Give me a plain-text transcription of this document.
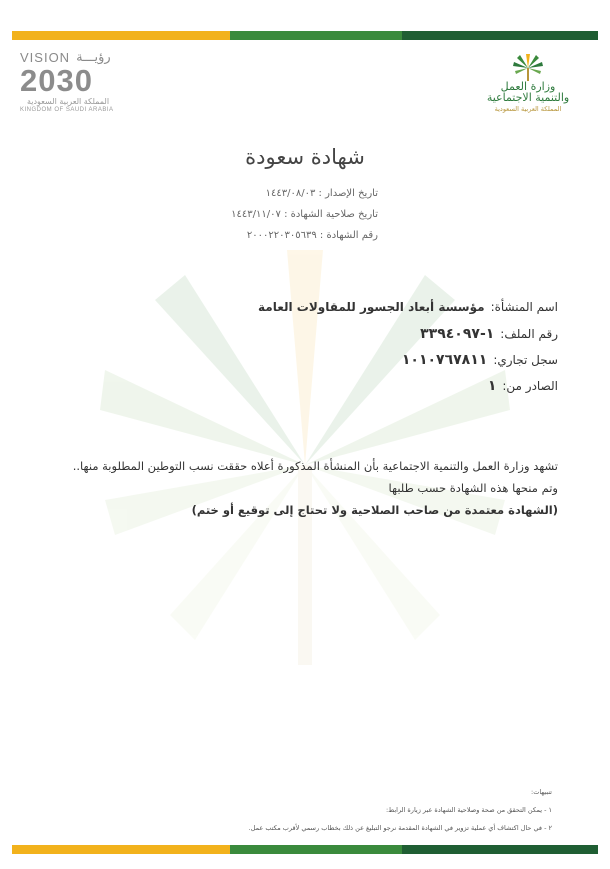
VISION رؤيـــة
2030
المملكة العربية السعودية
KINGDOM OF SAUDI ARABIA
وزارة العمل
والتنمية الاجتماعية
المملكة العربية السعودية
شهادة سعودة
تاريخ الإصدار : ١٤٤٣/٠٨/٠٣
تاريخ صلاحية الشهادة : ١٤٤٣/١١/٠٧
رقم الشهادة : ٢٠٠٠٢٢٠٣٠٥٦٣٩
اسم المنشأة:مؤسسة أبعاد الجسور للمقاولات العامة
رقم الملف:١-٣٣٩٤٠٩٧
سجل تجاري:١٠١٠٧٦٧٨١١
الصادر من:١
تشهد وزارة العمل والتنمية الاجتماعية بأن المنشأة المذكورة أعلاه حققت نسب التوطين المطلوبة منها..
وتم منحها هذه الشهادة حسب طلبها
(الشهادة معتمدة من صاحب الصلاحية ولا تحتاج إلى توقيع أو ختم)
تنبيهات:
١ - يمكن التحقق من صحة وصلاحية الشهادة عبر زيارة الرابط:
٢ - في حال اكتشاف أي عملية تزوير في الشهادة المقدمة نرجو التبليغ عن ذلك بخطاب رسمي لأقرب مكتب عمل.
